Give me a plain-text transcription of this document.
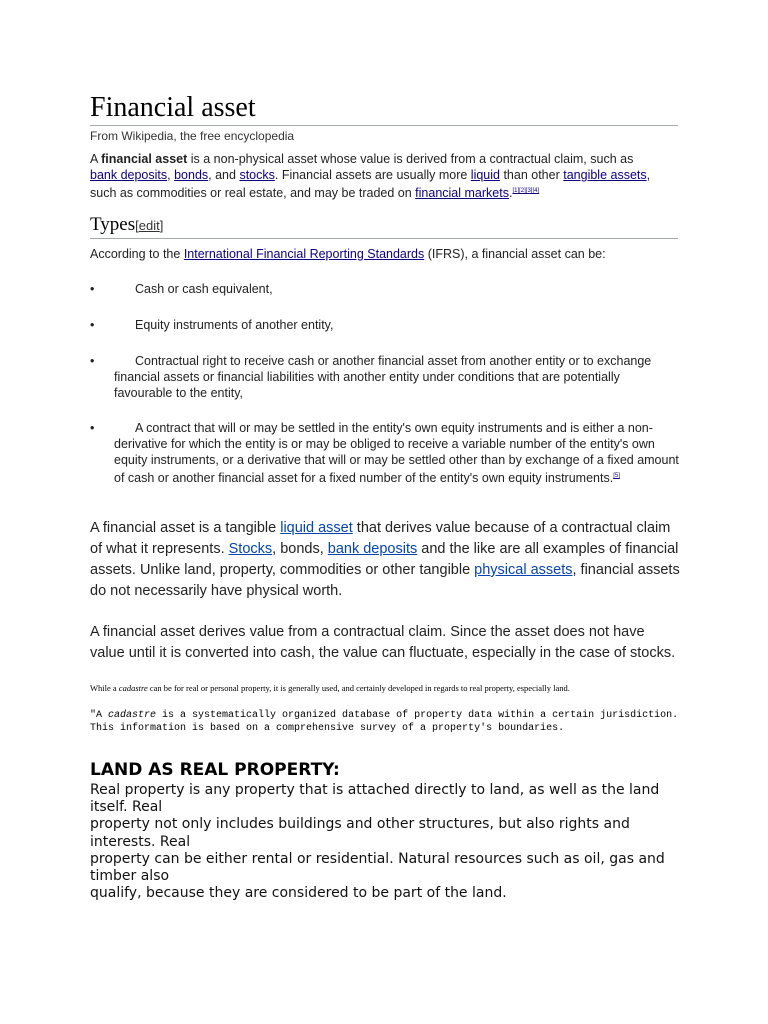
Financial asset
From Wikipedia, the free encyclopedia
A financial asset is a non-physical asset whose value is derived from a contractual claim, such as bank deposits, bonds, and stocks. Financial assets are usually more liquid than other tangible assets, such as commodities or real estate, and may be traded on financial markets.[1][2][3][4]
Types[edit]
According to the International Financial Reporting Standards (IFRS), a financial asset can be:
•	Cash or cash equivalent,
•	Equity instruments of another entity,
•	Contractual right to receive cash or another financial asset from another entity or to exchange financial assets or financial liabilities with another entity under conditions that are potentially favourable to the entity,
•	A contract that will or may be settled in the entity's own equity instruments and is either a non-derivative for which the entity is or may be obliged to receive a variable number of the entity's own equity instruments, or a derivative that will or may be settled other than by exchange of a fixed amount of cash or another financial asset for a fixed number of the entity's own equity instruments.[5]
A financial asset is a tangible liquid asset that derives value because of a contractual claim of what it represents. Stocks, bonds, bank deposits and the like are all examples of financial assets. Unlike land, property, commodities or other tangible physical assets, financial assets do not necessarily have physical worth.
A financial asset derives value from a contractual claim. Since the asset does not have value until it is converted into cash, the value can fluctuate, especially in the case of stocks.
While a cadastre can be for real or personal property, it is generally used, and certainly developed in regards to real property, especially land.
"A cadastre is a systematically organized database of property data within a certain jurisdiction.
This information is based on a comprehensive survey of a property's boundaries.
LAND AS REAL PROPERTY:
Real property is any property that is attached directly to land, as well as the land itself. Real
property not only includes buildings and other structures, but also rights and interests. Real
property can be either rental or residential. Natural resources such as oil, gas and timber also
qualify, because they are considered to be part of the land.
